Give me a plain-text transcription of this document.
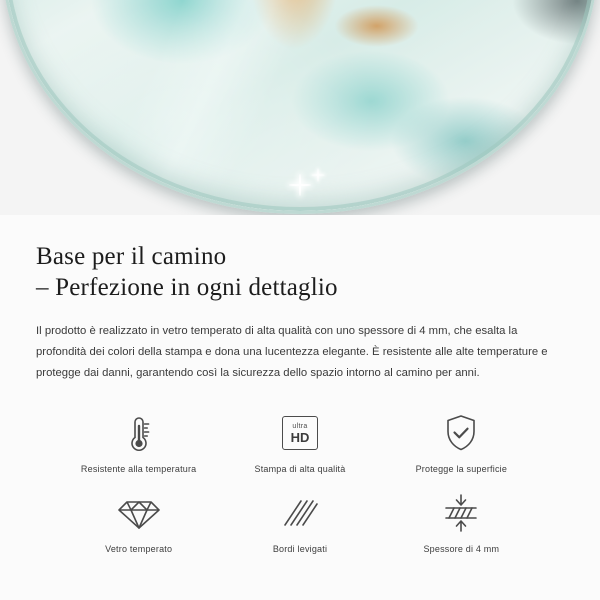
Base per il camino
– Perfezione in ogni dettaglio

Il prodotto è realizzato in vetro temperato di alta qualità con uno spessore di 4 mm, che esalta la profondità dei colori della stampa e dona una lucentezza elegante. È resistente alle alte temperature e protegge dai danni, garantendo così la sicurezza dello spazio intorno al camino per anni.

Resistente alla temperatura
ultra
HD
Stampa di alta qualità	Protegge la superficie
Vetro temperato	Bordi levigati	Spessore di 4 mm
